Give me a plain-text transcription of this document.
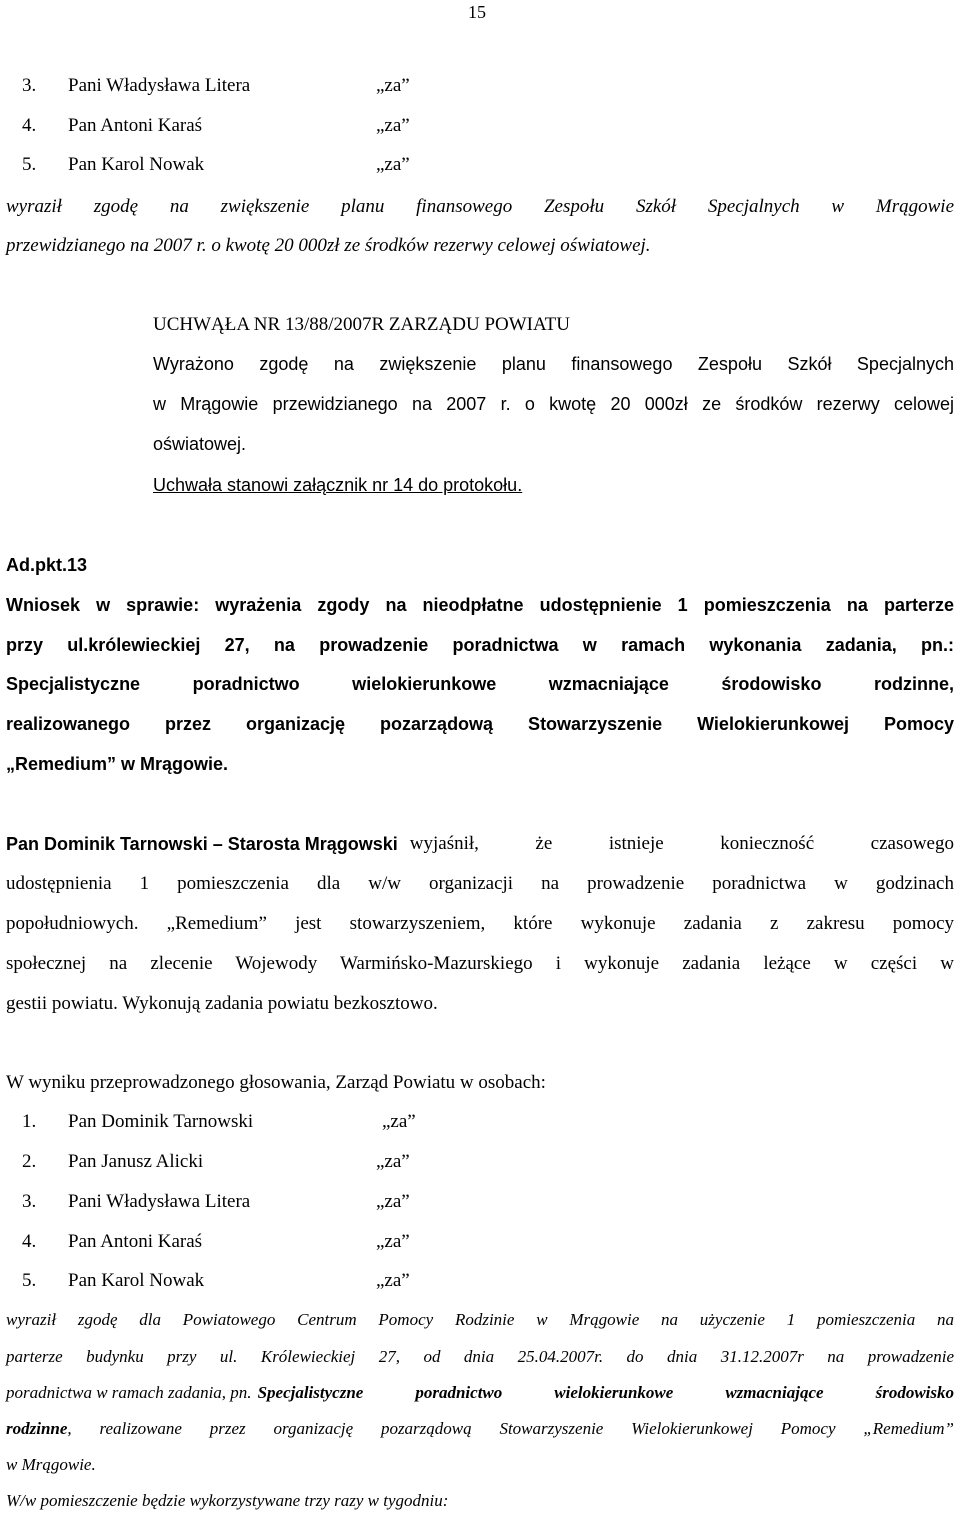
15
3. Pani Władysława Litera	„za”
4. Pan Antoni Karaś	„za”
5. Pan Karol Nowak	„za”
wyraził zgodę na zwiększenie planu finansowego Zespołu Szkół Specjalnych w Mrągowie
przewidzianego na 2007 r. o kwotę 20 000zł ze środków rezerwy celowej oświatowej.
UCHWĄŁA NR 13/88/2007R ZARZĄDU POWIATU
Wyrażono zgodę na zwiększenie planu finansowego Zespołu Szkół Specjalnych
w Mrągowie przewidzianego na 2007 r. o kwotę 20 000zł ze środków rezerwy celowej
oświatowej.
Uchwała stanowi załącznik nr 14 do protokołu.
Ad.pkt.13
Wniosek w sprawie: wyrażenia zgody na nieodpłatne udostępnienie 1 pomieszczenia na parterze
przy ul.królewieckiej 27, na prowadzenie poradnictwa w ramach wykonania zadania, pn.:
Specjalistyczne poradnictwo wielokierunkowe wzmacniające środowisko rodzinne,
realizowanego przez organizację pozarządową Stowarzyszenie Wielokierunkowej Pomocy
„Remedium” w Mrągowie.
Pan Dominik Tarnowski – Starosta Mrągowski wyjaśnił, że istnieje konieczność czasowego
udostępnienia 1 pomieszczenia dla w/w organizacji na prowadzenie poradnictwa w godzinach
popołudniowych. „Remedium” jest stowarzyszeniem, które wykonuje zadania z zakresu pomocy
społecznej na zlecenie Wojewody Warmińsko-Mazurskiego i wykonuje zadania leżące w części w
gestii powiatu. Wykonują zadania powiatu bezkosztowo.
W wyniku przeprowadzonego głosowania, Zarząd Powiatu w osobach:
1. Pan Dominik Tarnowski	„za”
2. Pan Janusz Alicki	„za”
3. Pani Władysława Litera	„za”
4. Pan Antoni Karaś	„za”
5. Pan Karol Nowak	„za”
wyraził zgodę dla Powiatowego Centrum Pomocy Rodzinie w Mrągowie na użyczenie 1 pomieszczenia na
parterze budynku przy ul. Królewieckiej 27, od dnia 25.04.2007r. do dnia 31.12.2007r na prowadzenie
poradnictwa w ramach zadania, pn. Specjalistyczne poradnictwo wielokierunkowe wzmacniające środowisko
rodzinne , realizowane przez organizację pozarządową Stowarzyszenie Wielokierunkowej Pomocy „Remedium”
w Mrągowie.
W/w pomieszczenie będzie wykorzystywane trzy razy w tygodniu:
